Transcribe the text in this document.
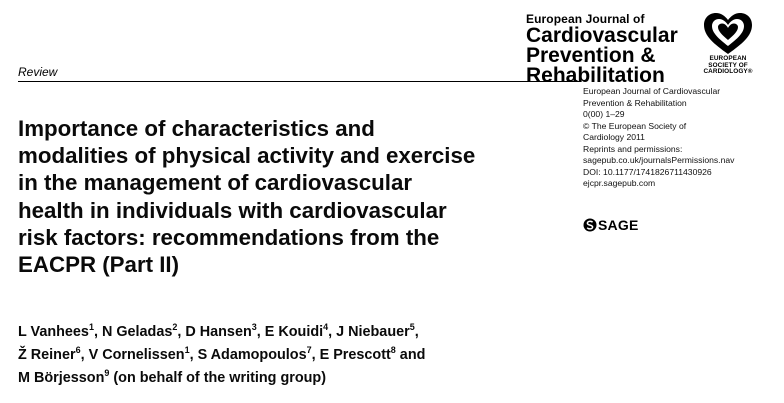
European Journal of
Cardiovascular
Prevention &
Rehabilitation
EUROPEAN
SOCIETY OF
CARDIOLOGY®
Review
European Journal of Cardiovascular
Prevention & Rehabilitation
0(00) 1–29
© The European Society of
Cardiology 2011
Reprints and permissions:
sagepub.co.uk/journalsPermissions.nav
DOI: 10.1177/1741826711430926
ejcpr.sagepub.com
SAGE
Importance of characteristics and
modalities of physical activity and exercise
in the management of cardiovascular
health in individuals with cardiovascular
risk factors: recommendations from the
EACPR (Part II)
L Vanhees$^1$, N Geladas$^2$, D Hansen$^3$, E Kouidi$^4$, J Niebauer$^5$,
Ž Reiner$^6$, V Cornelissen$^1$, S Adamopoulos$^7$, E Prescott$^8$ and
M Börjesson$^9$ (on behalf of the writing group)
